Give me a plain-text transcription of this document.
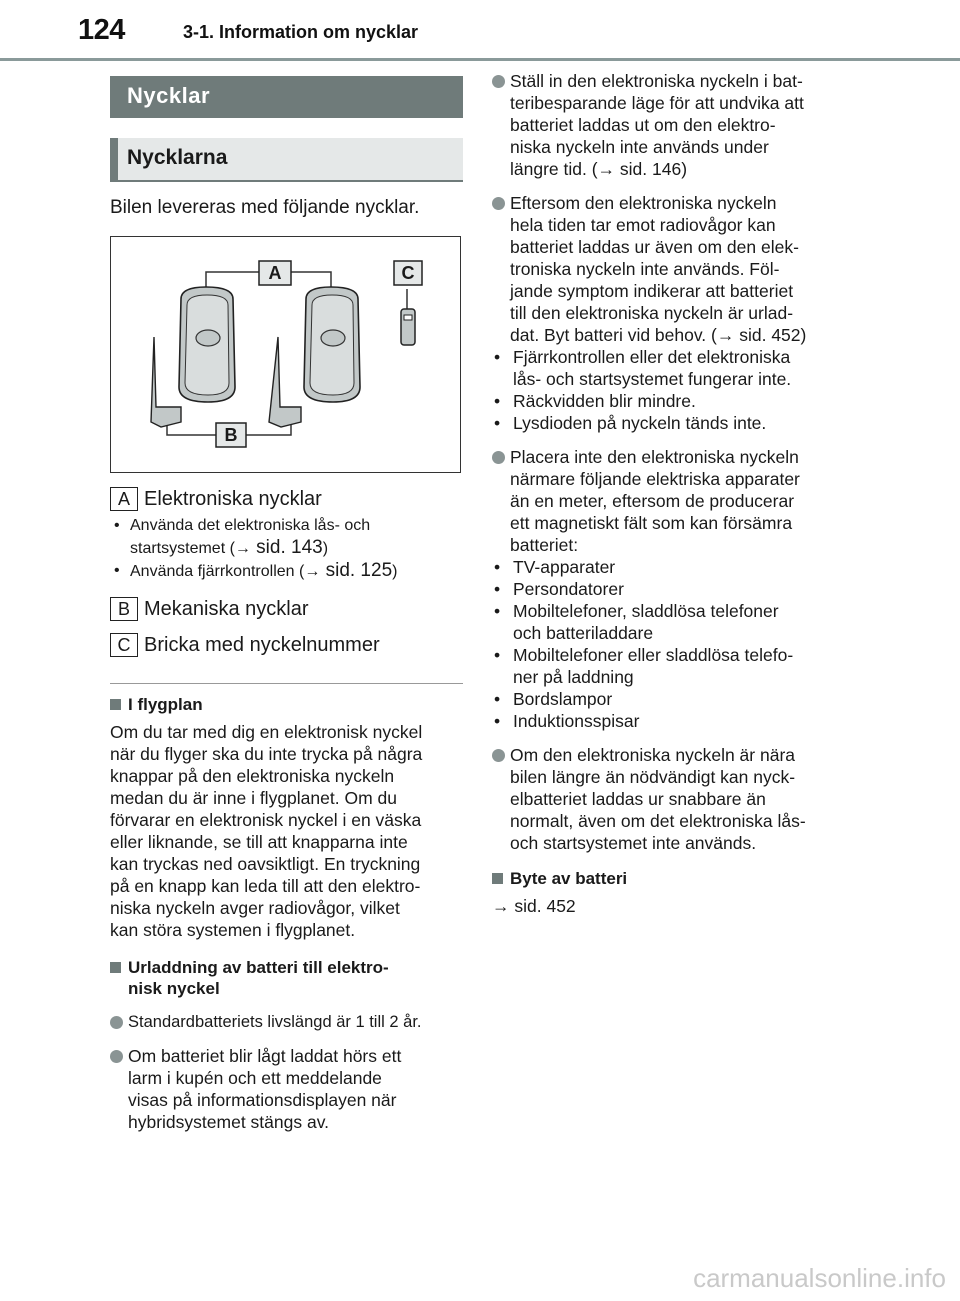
124	3-1. Information om nycklar
Nycklar
Nycklarna
Bilen levereras med följande nycklar.
A
B
C
A Elektroniska nycklar
• Använda det elektroniska lås- och
startsystemet (→ sid. 143)
• Använda fjärrkontrollen (→ sid. 125)
B Mekaniska nycklar
C Bricka med nyckelnummer
I flygplan
Om du tar med dig en elektronisk nyckel
när du flyger ska du inte trycka på några
knappar på den elektroniska nyckeln
medan du är inne i flygplanet. Om du
förvarar en elektronisk nyckel i en väska
eller liknande, se till att knapparna inte
kan tryckas ned oavsiktligt. En tryckning
på en knapp kan leda till att den elektro-
niska nyckeln avger radiovågor, vilket
kan störa systemen i flygplanet.
Urladdning av batteri till elektro-
nisk nyckel
Standardbatteriets livslängd är 1 till 2 år.
Om batteriet blir lågt laddat hörs ett
larm i kupén och ett meddelande
visas på informationsdisplayen när
hybridsystemet stängs av.
Ställ in den elektroniska nyckeln i bat-
teribesparande läge för att undvika att
batteriet laddas ut om den elektro-
niska nyckeln inte används under
längre tid. (→ sid. 146)
Eftersom den elektroniska nyckeln
hela tiden tar emot radiovågor kan
batteriet laddas ur även om den elek-
troniska nyckeln inte används. Föl-
jande symptom indikerar att batteriet
till den elektroniska nyckeln är urlad-
dat. Byt batteri vid behov. (→ sid. 452)
• Fjärrkontrollen eller det elektroniska
lås- och startsystemet fungerar inte.
• Räckvidden blir mindre.
• Lysdioden på nyckeln tänds inte.
Placera inte den elektroniska nyckeln
närmare följande elektriska apparater
än en meter, eftersom de producerar
ett magnetiskt fält som kan försämra
batteriet:
• TV-apparater
• Persondatorer
• Mobiltelefoner, sladdlösa telefoner
och batteriladdare
• Mobiltelefoner eller sladdlösa telefo-
ner på laddning
• Bordslampor
• Induktionsspisar
Om den elektroniska nyckeln är nära
bilen längre än nödvändigt kan nyck-
elbatteriet laddas ur snabbare än
normalt, även om det elektroniska lås-
och startsystemet inte används.
Byte av batteri
→ sid. 452
carmanualsonline.info
